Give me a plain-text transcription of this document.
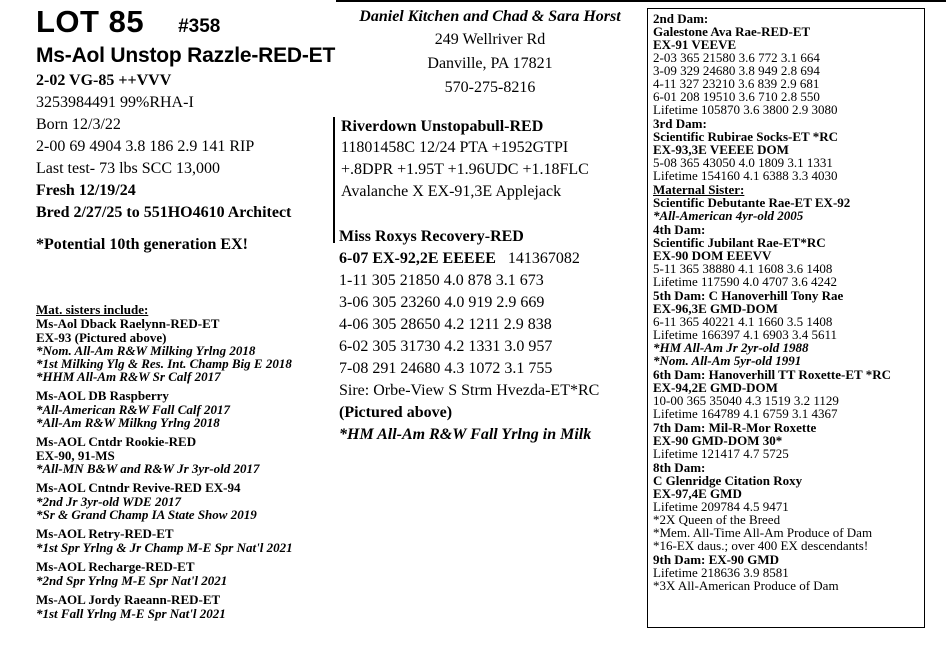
LOT 85 #358
Ms-Aol Unstop Razzle-RED-ET
2-02 VG-85 ++VVV
3253984491 99%RHA-I
Born 12/3/22
2-00 69 4904 3.8 186 2.9 141 RIP
Last test- 73 lbs SCC 13,000
Fresh 12/19/24
Bred 2/27/25 to 551HO4610 Architect
*Potential 10th generation EX!
Mat. sisters include:
Ms-Aol Dback Raelynn-RED-ET
EX-93 (Pictured above)
*Nom. All-Am R&W Milking Yrlng 2018
*1st Milking Ylg & Res. Int. Champ Big E 2018
*HHM All-Am R&W Sr Calf 2017
Ms-AOL DB Raspberry
*All-American R&W Fall Calf 2017
*All-Am R&W Milkng Yrlng 2018
Ms-AOL Cntdr Rookie-RED
EX-90, 91-MS
*All-MN B&W and R&W Jr 3yr-old 2017
Ms-AOL Cntndr Revive-RED EX-94
*2nd Jr 3yr-old WDE 2017
*Sr & Grand Champ IA State Show 2019
Ms-AOL Retry-RED-ET
*1st Spr Yrlng & Jr Champ M-E Spr Nat'l 2021
Ms-AOL Recharge-RED-ET
*2nd Spr Yrlng M-E Spr Nat'l 2021
Ms-AOL Jordy Raeann-RED-ET
*1st Fall Yrlng M-E Spr Nat'l 2021
Daniel Kitchen and Chad & Sara Horst
249 Wellriver Rd
Danville, PA 17821
570-275-8216
Riverdown Unstopabull-RED
11801458C 12/24 PTA +1952GTPI
+.8DPR +1.95T +1.96UDC +1.18FLC
Avalanche X EX-91,3E Applejack
Miss Roxys Recovery-RED
6-07 EX-92,2E EEEEE 141367082
1-11 305 21850 4.0 878 3.1 673
3-06 305 23260 4.0 919 2.9 669
4-06 305 28650 4.2 1211 2.9 838
6-02 305 31730 4.2 1331 3.0 957
7-08 291 24680 4.3 1072 3.1 755
Sire: Orbe-View S Strm Hvezda-ET*RC
(Pictured above)
*HM All-Am R&W Fall Yrlng in Milk
2nd Dam:
Galestone Ava Rae-RED-ET
EX-91 VEEVE
2-03 365 21580 3.6 772 3.1 664
3-09 329 24680 3.8 949 2.8 694
4-11 327 23210 3.6 839 2.9 681
6-01 208 19510 3.6 710 2.8 550
Lifetime 105870 3.6 3800 2.9 3080
3rd Dam:
Scientific Rubirae Socks-ET *RC
EX-93,3E VEEEE DOM
5-08 365 43050 4.0 1809 3.1 1331
Lifetime 154160 4.1 6388 3.3 4030
Maternal Sister:
Scientific Debutante Rae-ET EX-92
*All-American 4yr-old 2005
4th Dam:
Scientific Jubilant Rae-ET*RC
EX-90 DOM EEEVV
5-11 365 38880 4.1 1608 3.6 1408
Lifetime 117590 4.0 4707 3.6 4242
5th Dam: C Hanoverhill Tony Rae
EX-96,3E GMD-DOM
6-11 365 40221 4.1 1660 3.5 1408
Lifetime 166397 4.1 6903 3.4 5611
*HM All-Am Jr 2yr-old 1988
*Nom. All-Am 5yr-old 1991
6th Dam: Hanoverhill TT Roxette-ET *RC
EX-94,2E GMD-DOM
10-00 365 35040 4.3 1519 3.2 1129
Lifetime 164789 4.1 6759 3.1 4367
7th Dam: Mil-R-Mor Roxette
EX-90 GMD-DOM 30*
Lifetime 121417 4.7 5725
8th Dam:
C Glenridge Citation Roxy
EX-97,4E GMD
Lifetime 209784 4.5 9471
*2X Queen of the Breed
*Mem. All-Time All-Am Produce of Dam
*16-EX daus.; over 400 EX descendants!
9th Dam: EX-90 GMD
Lifetime 218636 3.9 8581
*3X All-American Produce of Dam
